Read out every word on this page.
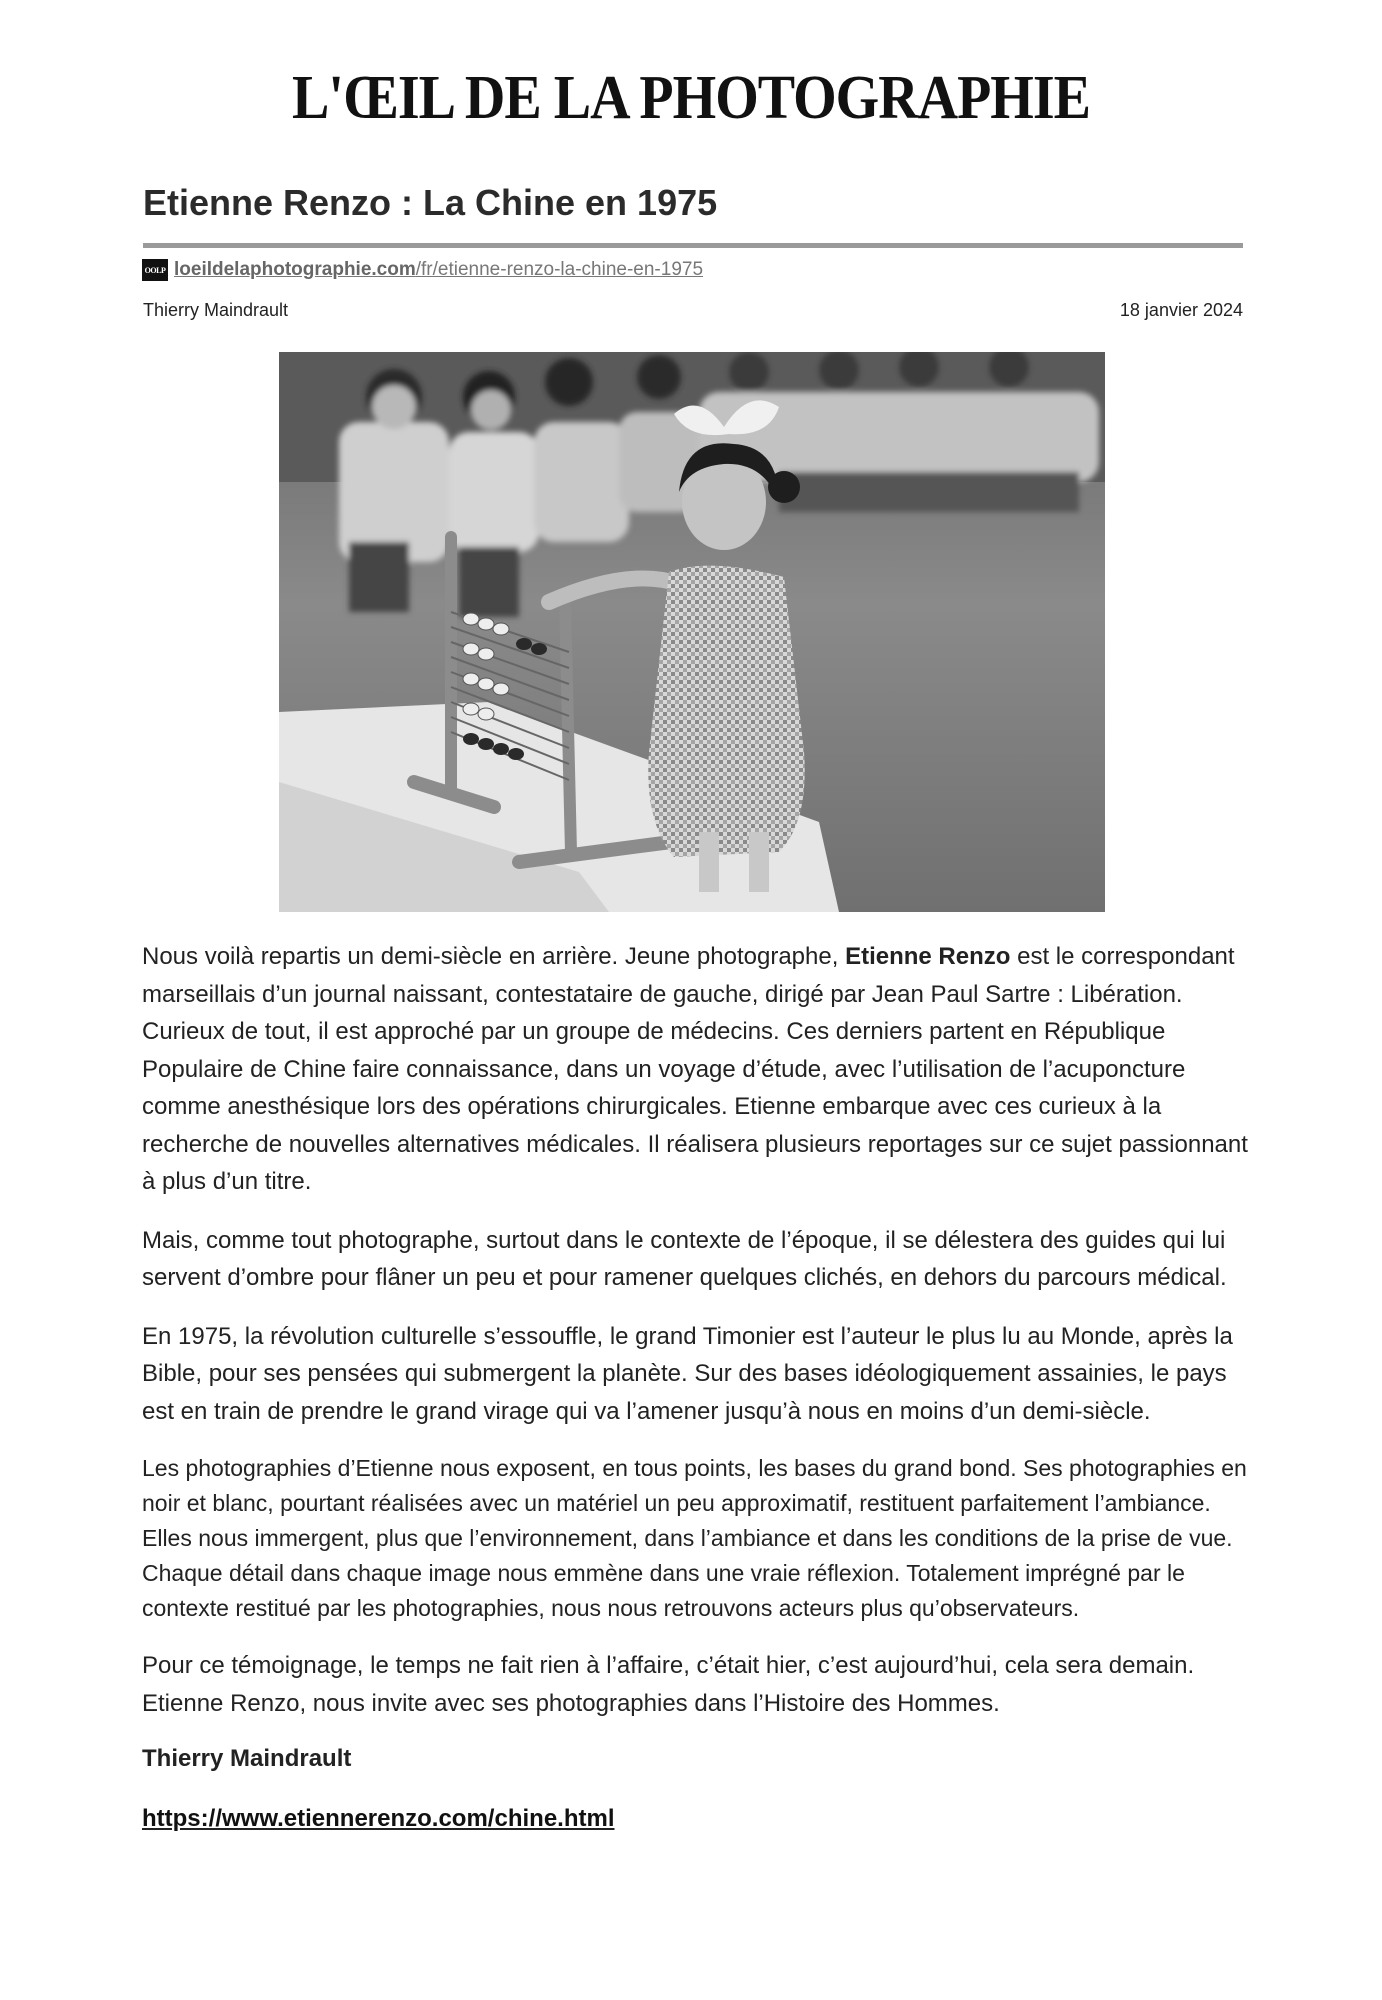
L'ŒIL DE LA PHOTOGRAPHIE
Etienne Renzo : La Chine en 1975
OOLP loeildelaphotographie.com/fr/etienne-renzo-la-chine-en-1975
Thierry Maindrault	18 janvier 2024

Nous voilà repartis un demi-siècle en arrière. Jeune photographe, Etienne Renzo est le correspondant marseillais d’un journal naissant, contestataire de gauche, dirigé par Jean Paul Sartre : Libération. Curieux de tout, il est approché par un groupe de médecins. Ces derniers partent en République Populaire de Chine faire connaissance, dans un voyage d’étude, avec l’utilisation de l’acuponcture comme anesthésique lors des opérations chirurgicales. Etienne embarque avec ces curieux à la recherche de nouvelles alternatives médicales. Il réalisera plusieurs reportages sur ce sujet passionnant à plus d’un titre.

Mais, comme tout photographe, surtout dans le contexte de l’époque, il se délestera des guides qui lui servent d’ombre pour flâner un peu et pour ramener quelques clichés, en dehors du parcours médical.

En 1975, la révolution culturelle s’essouffle, le grand Timonier est l’auteur le plus lu au Monde, après la Bible, pour ses pensées qui submergent la planète. Sur des bases idéologiquement assainies, le pays est en train de prendre le grand virage qui va l’amener jusqu’à nous en moins d’un demi-siècle.

Les photographies d’Etienne nous exposent, en tous points, les bases du grand bond. Ses photographies en noir et blanc, pourtant réalisées avec un matériel un peu approximatif, restituent parfaitement l’ambiance. Elles nous immergent, plus que l’environnement, dans l’ambiance et dans les conditions de la prise de vue. Chaque détail dans chaque image nous emmène dans une vraie réflexion. Totalement imprégné par le contexte restitué par les photographies, nous nous retrouvons acteurs plus qu’observateurs.

Pour ce témoignage, le temps ne fait rien à l’affaire, c’était hier, c’est aujourd’hui, cela sera demain. Etienne Renzo, nous invite avec ses photographies dans l’Histoire des Hommes.

Thierry Maindrault

https://www.etiennerenzo.com/chine.html
